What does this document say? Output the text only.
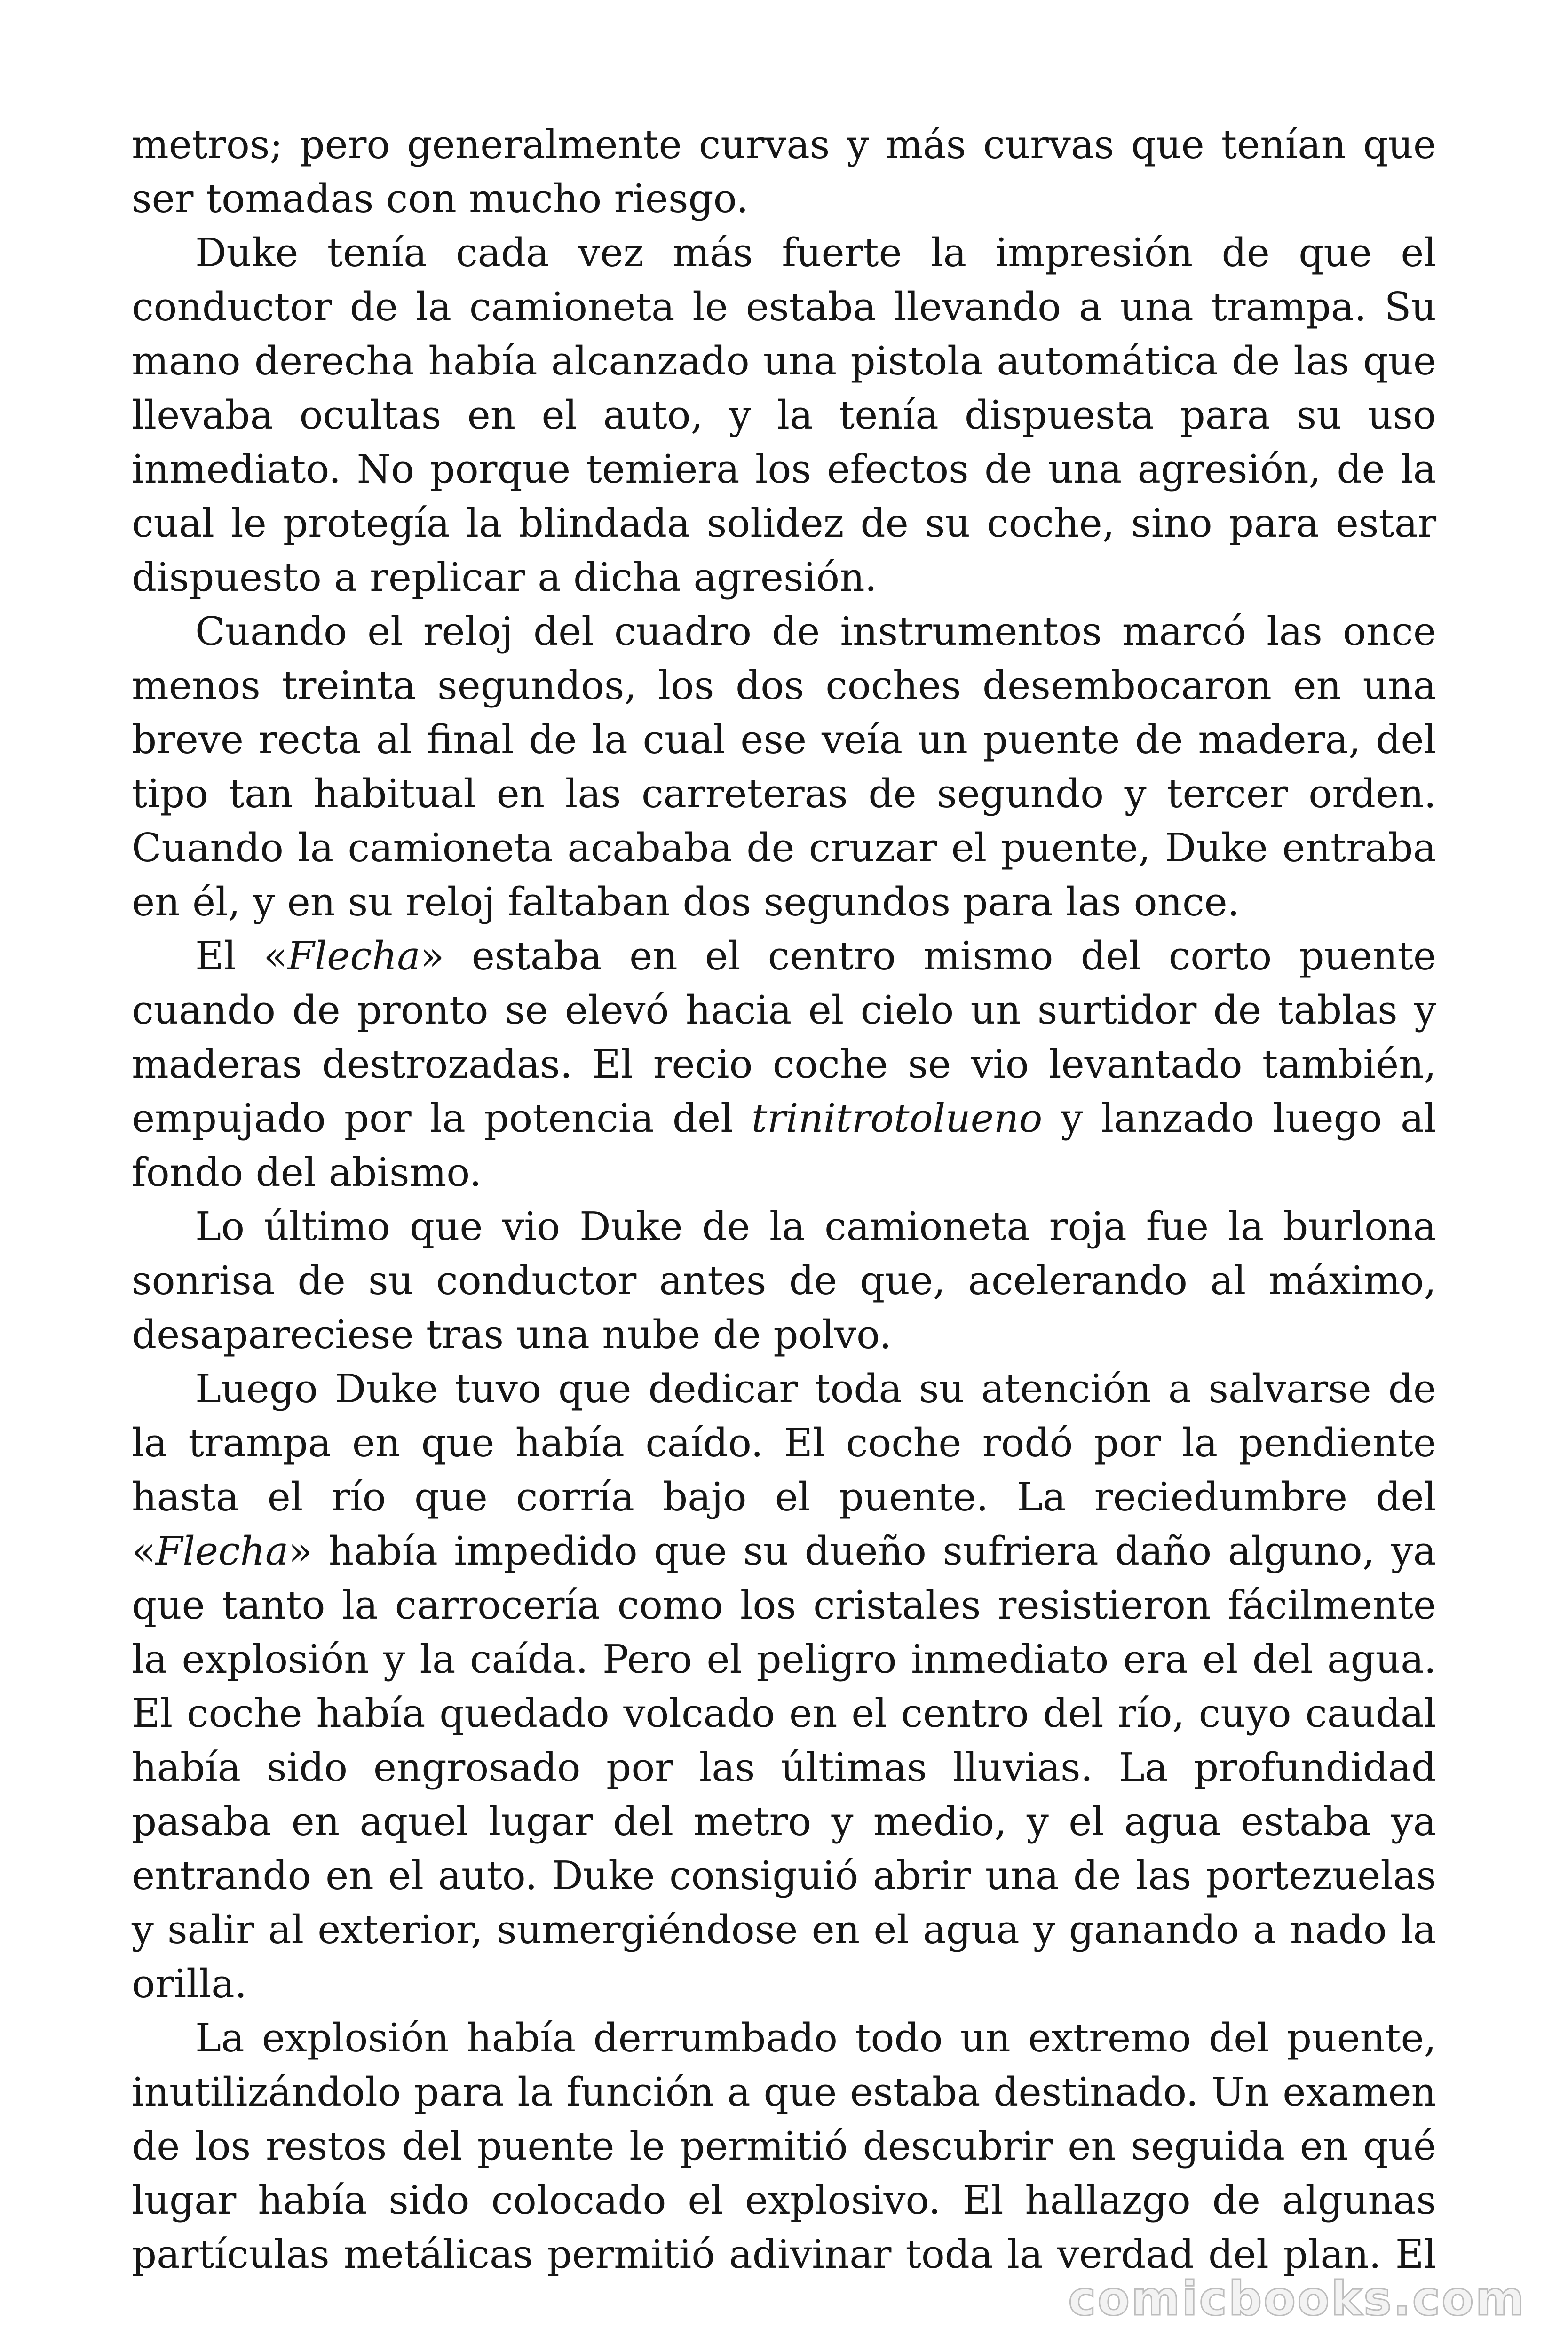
metros; pero generalmente curvas y más curvas que tenían que ser tomadas con mucho riesgo.

Duke tenía cada vez más fuerte la impresión de que el conductor de la camioneta le estaba llevando a una trampa. Su mano derecha había alcanzado una pistola automática de las que llevaba ocultas en el auto, y la tenía dispuesta para su uso inmediato. No porque temiera los efectos de una agresión, de la cual le protegía la blindada solidez de su coche, sino para estar dispuesto a replicar a dicha agresión.

Cuando el reloj del cuadro de instrumentos marcó las once menos treinta segundos, los dos coches desembocaron en una breve recta al final de la cual ese veía un puente de madera, del tipo tan habitual en las carreteras de segundo y tercer orden. Cuando la camioneta acababa de cruzar el puente, Duke entraba en él, y en su reloj faltaban dos segundos para las once.

El «Flecha» estaba en el centro mismo del corto puente cuando de pronto se elevó hacia el cielo un surtidor de tablas y maderas destrozadas. El recio coche se vio levantado también, empujado por la potencia del trinitrotolueno y lanzado luego al fondo del abismo.

Lo último que vio Duke de la camioneta roja fue la burlona sonrisa de su conductor antes de que, acelerando al máximo, desapareciese tras una nube de polvo.

Luego Duke tuvo que dedicar toda su atención a salvarse de la trampa en que había caído. El coche rodó por la pendiente hasta el río que corría bajo el puente. La reciedumbre del «Flecha» había impedido que su dueño sufriera daño alguno, ya que tanto la carrocería como los cristales resistieron fácilmente la explosión y la caída. Pero el peligro inmediato era el del agua. El coche había quedado volcado en el centro del río, cuyo caudal había sido engrosado por las últimas lluvias. La profundidad pasaba en aquel lugar del metro y medio, y el agua estaba ya entrando en el auto. Duke consiguió abrir una de las portezuelas y salir al exterior, sumergiéndose en el agua y ganando a nado la orilla.

La explosión había derrumbado todo un extremo del puente, inutilizándolo para la función a que estaba destinado. Un examen de los restos del puente le permitió descubrir en seguida en qué lugar había sido colocado el explosivo. El hallazgo de algunas partículas metálicas permitió adivinar toda la verdad del plan. El

comicbooks.com
